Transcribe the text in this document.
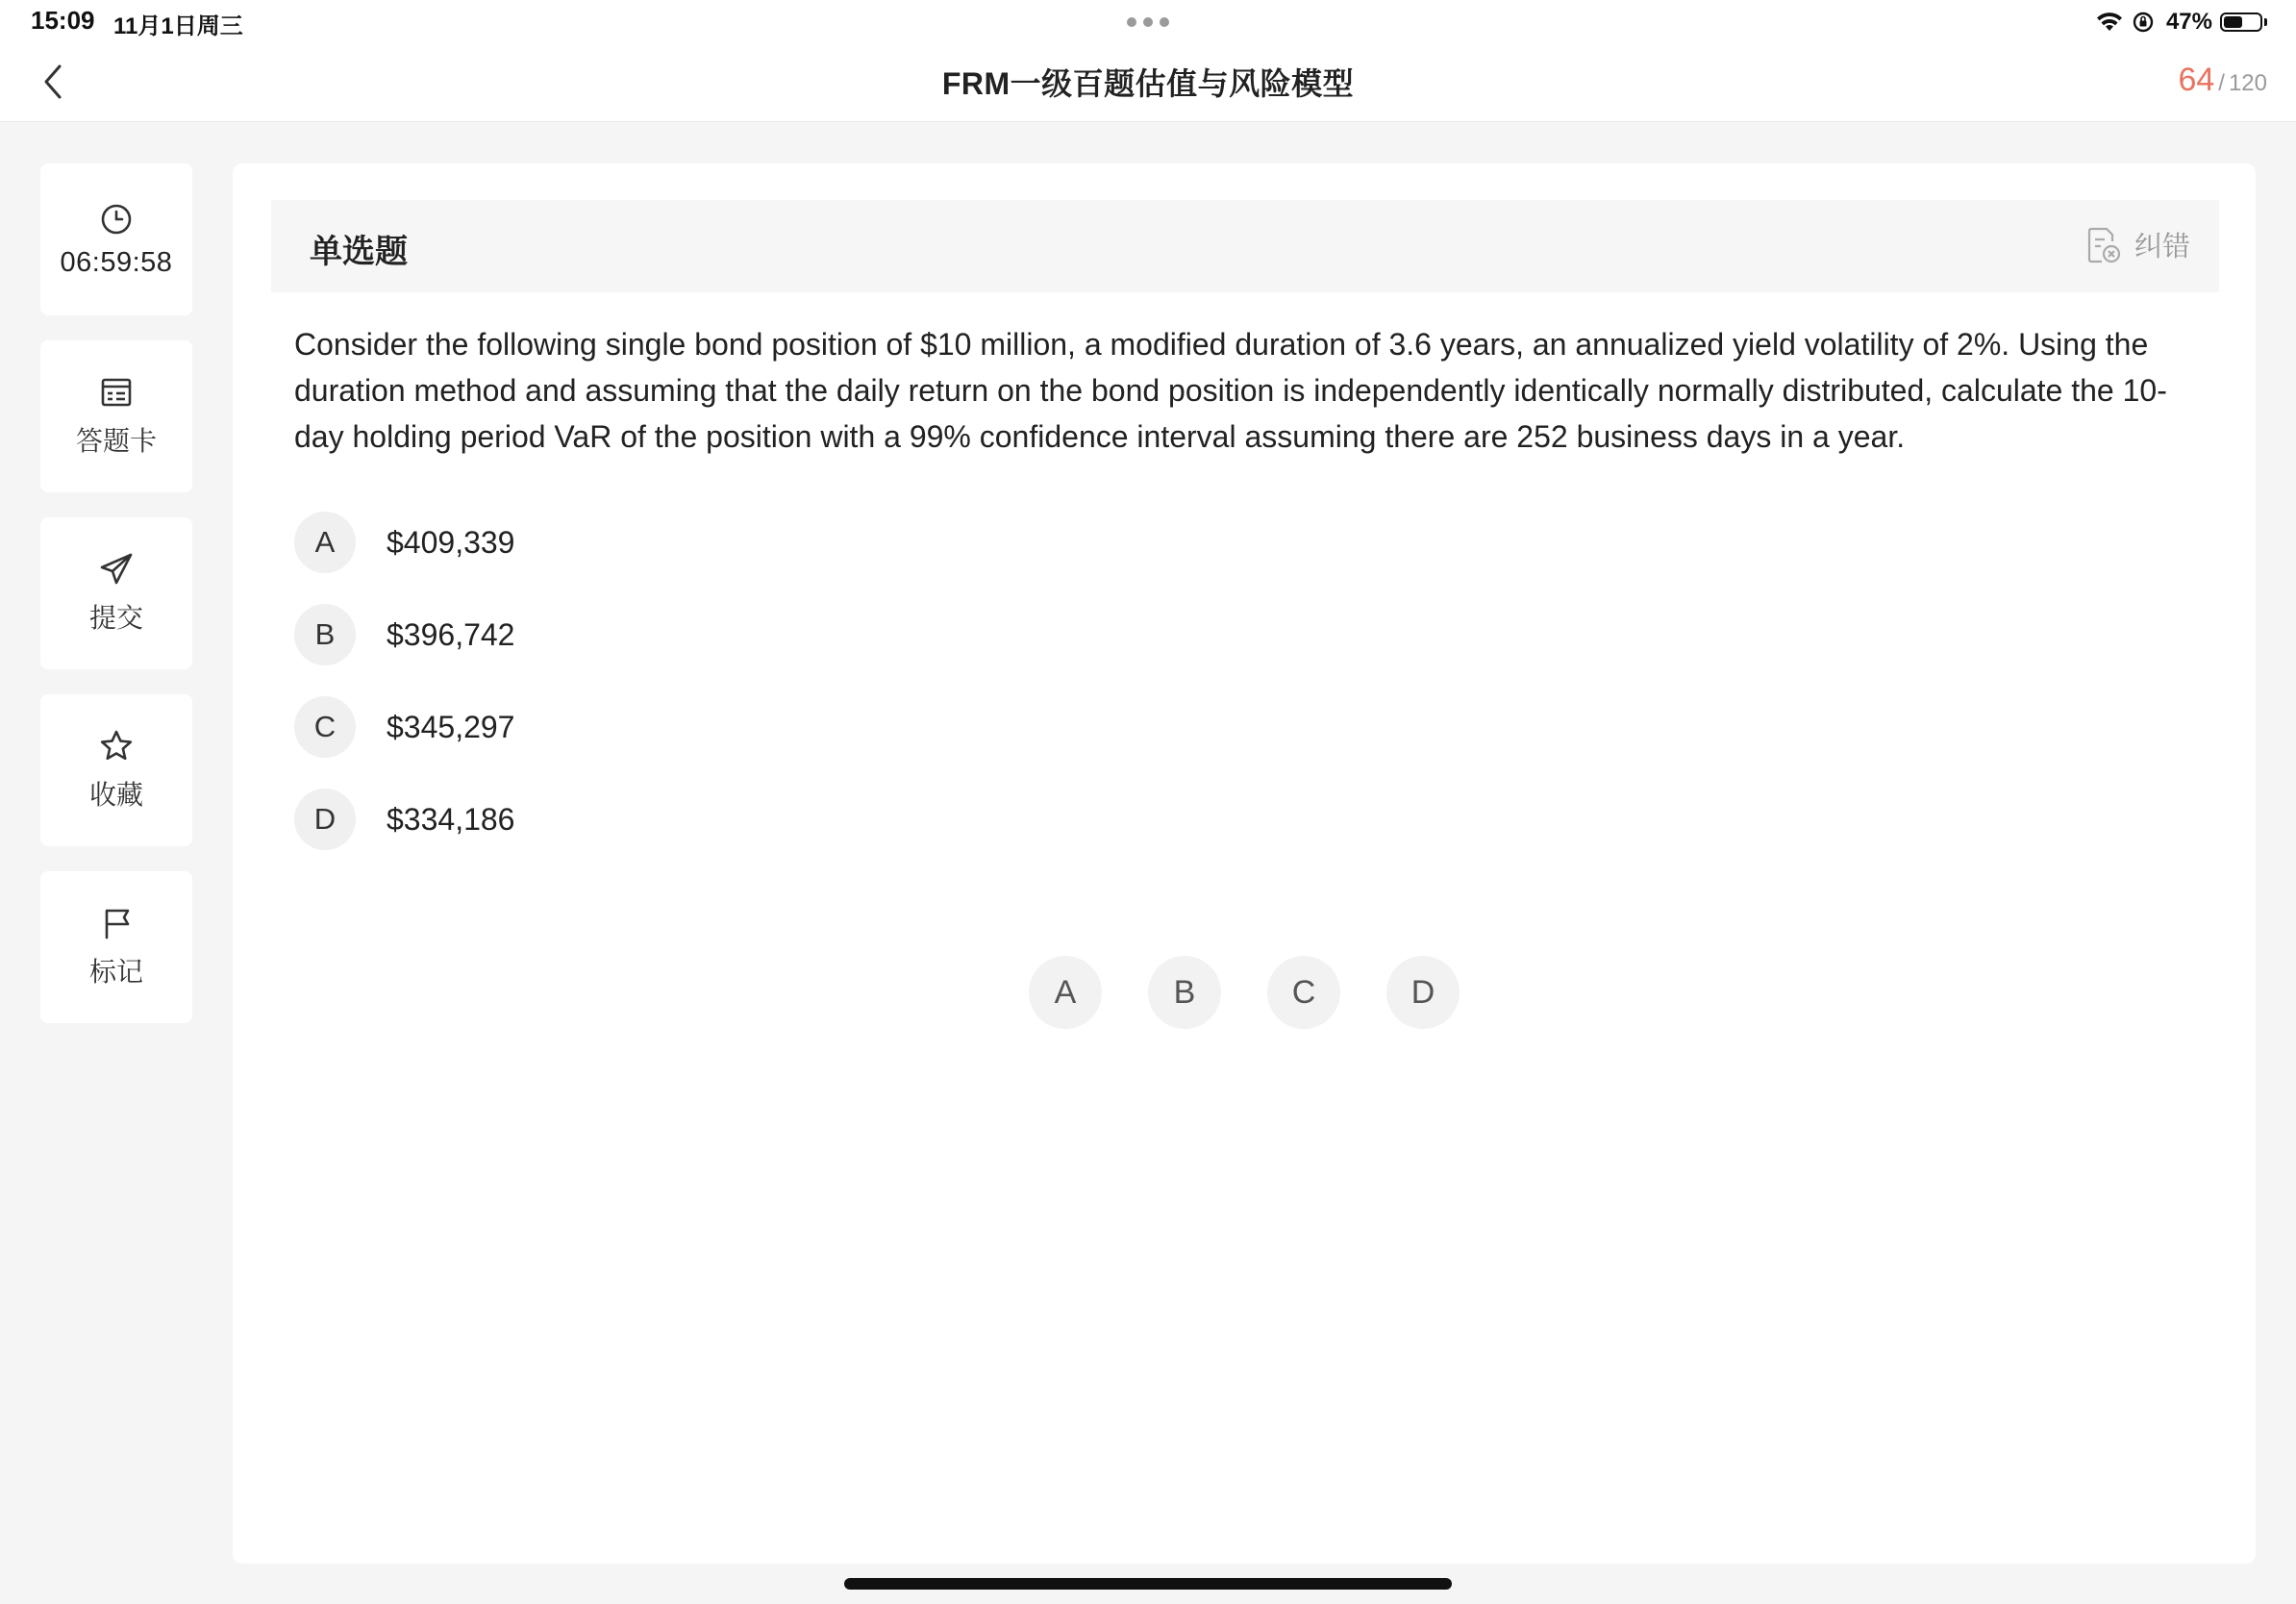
15:09 11月1日周三	47%
FRM一级百题估值与风险模型	64 / 120
06:59:58
答题卡
提交
收藏
标记
单选题	纠错
Consider the following single bond position of $10 million, a modified duration of 3.6 years, an annualized yield volatility of 2%. Using the duration method and assuming that the daily return on the bond position is independently identically normally distributed, calculate the 10-day holding period VaR of the position with a 99% confidence interval assuming there are 252 business days in a year.
A	$409,339
B	$396,742
C	$345,297
D	$334,186
A	B	C	D
